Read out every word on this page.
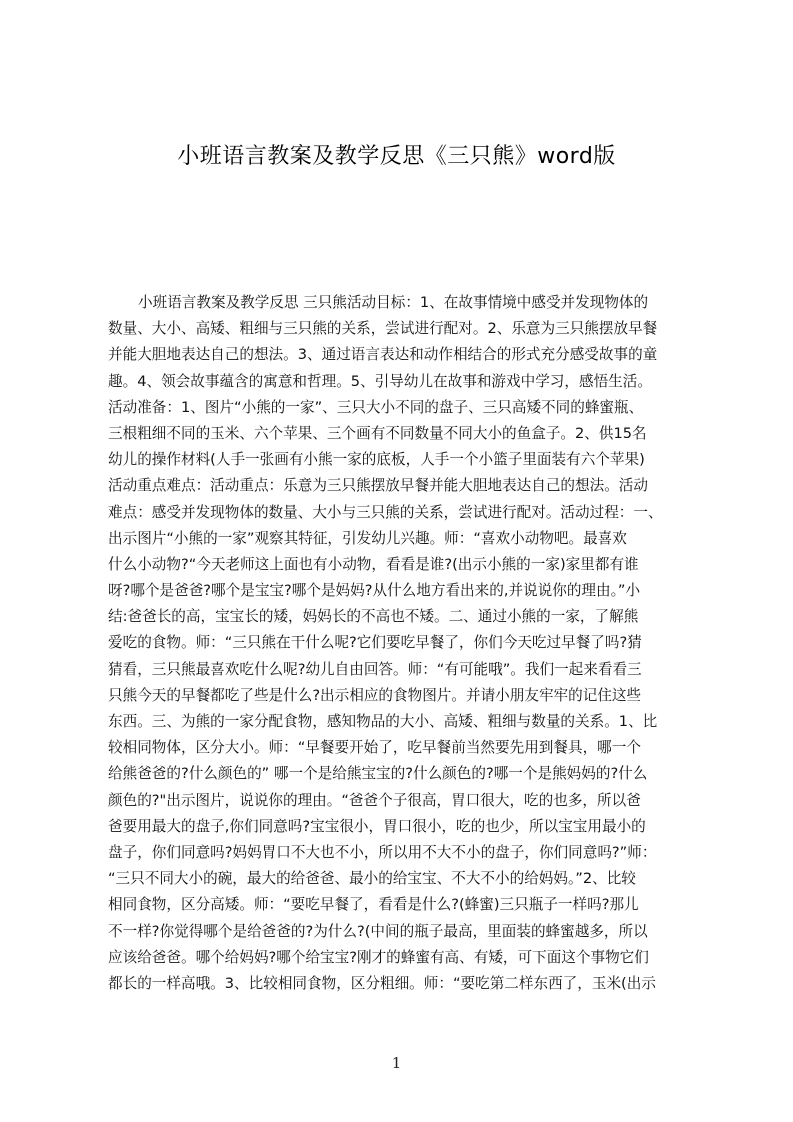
小班语言教案及教学反思《三只熊》word版
小班语言教案及教学反思 三只熊活动目标：1、在故事情境中感受并发现物体的
数量、大小、高矮、粗细与三只熊的关系，尝试进行配对。2、乐意为三只熊摆放早餐
并能大胆地表达自己的想法。3、通过语言表达和动作相结合的形式充分感受故事的童
趣。4、领会故事蕴含的寓意和哲理。5、引导幼儿在故事和游戏中学习，感悟生活。
活动准备：1、图片“小熊的一家”、三只大小不同的盘子、三只高矮不同的蜂蜜瓶、
三根粗细不同的玉米、六个苹果、三个画有不同数量不同大小的鱼盒子。2、供15名
幼儿的操作材料(人手一张画有小熊一家的底板，人手一个小篮子里面装有六个苹果)
活动重点难点：活动重点：乐意为三只熊摆放早餐并能大胆地表达自己的想法。活动
难点：感受并发现物体的数量、大小与三只熊的关系，尝试进行配对。活动过程：一、
出示图片“小熊的一家”观察其特征，引发幼儿兴趣。师：“喜欢小动物吧。最喜欢
什么小动物?“今天老师这上面也有小动物，看看是谁?(出示小熊的一家)家里都有谁
呀?哪个是爸爸?哪个是宝宝?哪个是妈妈?从什么地方看出来的,并说说你的理由。”小
结:爸爸长的高，宝宝长的矮，妈妈长的不高也不矮。二、通过小熊的一家，了解熊
爱吃的食物。师：“三只熊在干什么呢?它们要吃早餐了，你们今天吃过早餐了吗?猜
猜看，三只熊最喜欢吃什么呢?幼儿自由回答。师：“有可能哦”。我们一起来看看三
只熊今天的早餐都吃了些是什么?出示相应的食物图片。并请小朋友牢牢的记住这些
东西。三、为熊的一家分配食物，感知物品的大小、高矮、粗细与数量的关系。1、比
较相同物体，区分大小。师：“早餐要开始了，吃早餐前当然要先用到餐具，哪一个
给熊爸爸的?什么颜色的” 哪一个是给熊宝宝的?什么颜色的?哪一个是熊妈妈的?什么
颜色的?"出示图片，说说你的理由。“爸爸个子很高，胃口很大，吃的也多，所以爸
爸要用最大的盘子,你们同意吗?宝宝很小，胃口很小，吃的也少，所以宝宝用最小的
盘子，你们同意吗?妈妈胃口不大也不小，所以用不大不小的盘子，你们同意吗?”师：
“三只不同大小的碗，最大的给爸爸、最小的给宝宝、不大不小的给妈妈。”2、比较
相同食物，区分高矮。师：“要吃早餐了，看看是什么?(蜂蜜)三只瓶子一样吗?那儿
不一样?你觉得哪个是给爸爸的?为什么?(中间的瓶子最高，里面装的蜂蜜越多，所以
应该给爸爸。哪个给妈妈?哪个给宝宝?刚才的蜂蜜有高、有矮，可下面这个事物它们
都长的一样高哦。3、比较相同食物，区分粗细。师：“要吃第二样东西了，玉米(出示
1
